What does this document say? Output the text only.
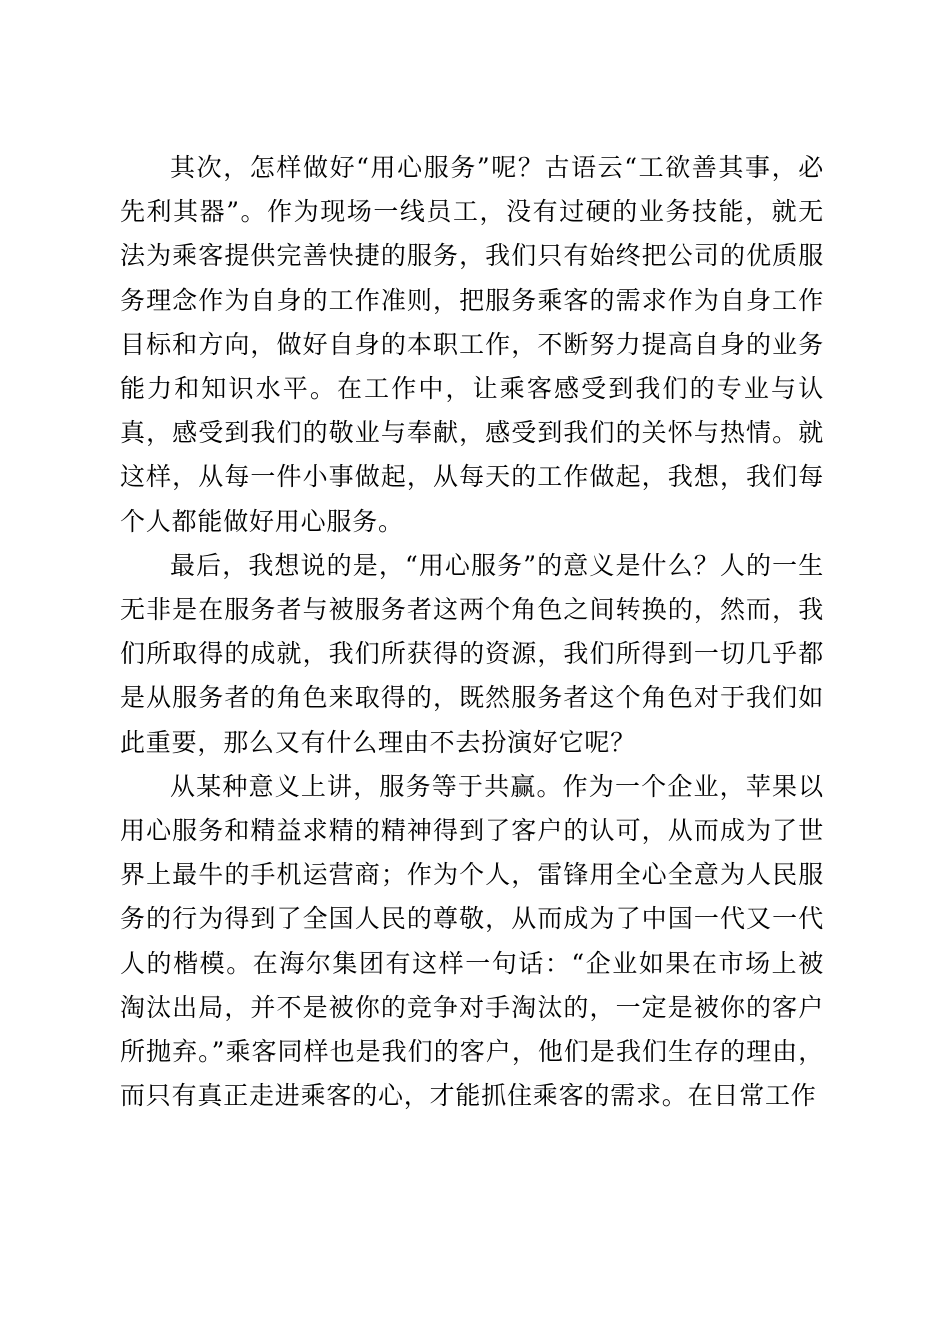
其次，怎样做好“用心服务”呢？古语云“工欲善其事，必先利其器”。作为现场一线员工，没有过硬的业务技能，就无法为乘客提供完善快捷的服务，我们只有始终把公司的优质服务理念作为自身的工作准则，把服务乘客的需求作为自身工作目标和方向，做好自身的本职工作，不断努力提高自身的业务能力和知识水平。在工作中，让乘客感受到我们的专业与认真，感受到我们的敬业与奉献，感受到我们的关怀与热情。就这样，从每一件小事做起，从每天的工作做起，我想，我们每个人都能做好用心服务。

最后，我想说的是，“用心服务”的意义是什么？人的一生无非是在服务者与被服务者这两个角色之间转换的，然而，我们所取得的成就，我们所获得的资源，我们所得到一切几乎都是从服务者的角色来取得的，既然服务者这个角色对于我们如此重要，那么又有什么理由不去扮演好它呢？

从某种意义上讲，服务等于共赢。作为一个企业，苹果以用心服务和精益求精的精神得到了客户的认可，从而成为了世界上最牛的手机运营商；作为个人，雷锋用全心全意为人民服务的行为得到了全国人民的尊敬，从而成为了中国一代又一代人的楷模。在海尔集团有这样一句话：“企业如果在市场上被淘汰出局，并不是被你的竞争对手淘汰的，一定是被你的客户所抛弃。”乘客同样也是我们的客户，他们是我们生存的理由，而只有真正走进乘客的心，才能抓住乘客的需求。在日常工作
